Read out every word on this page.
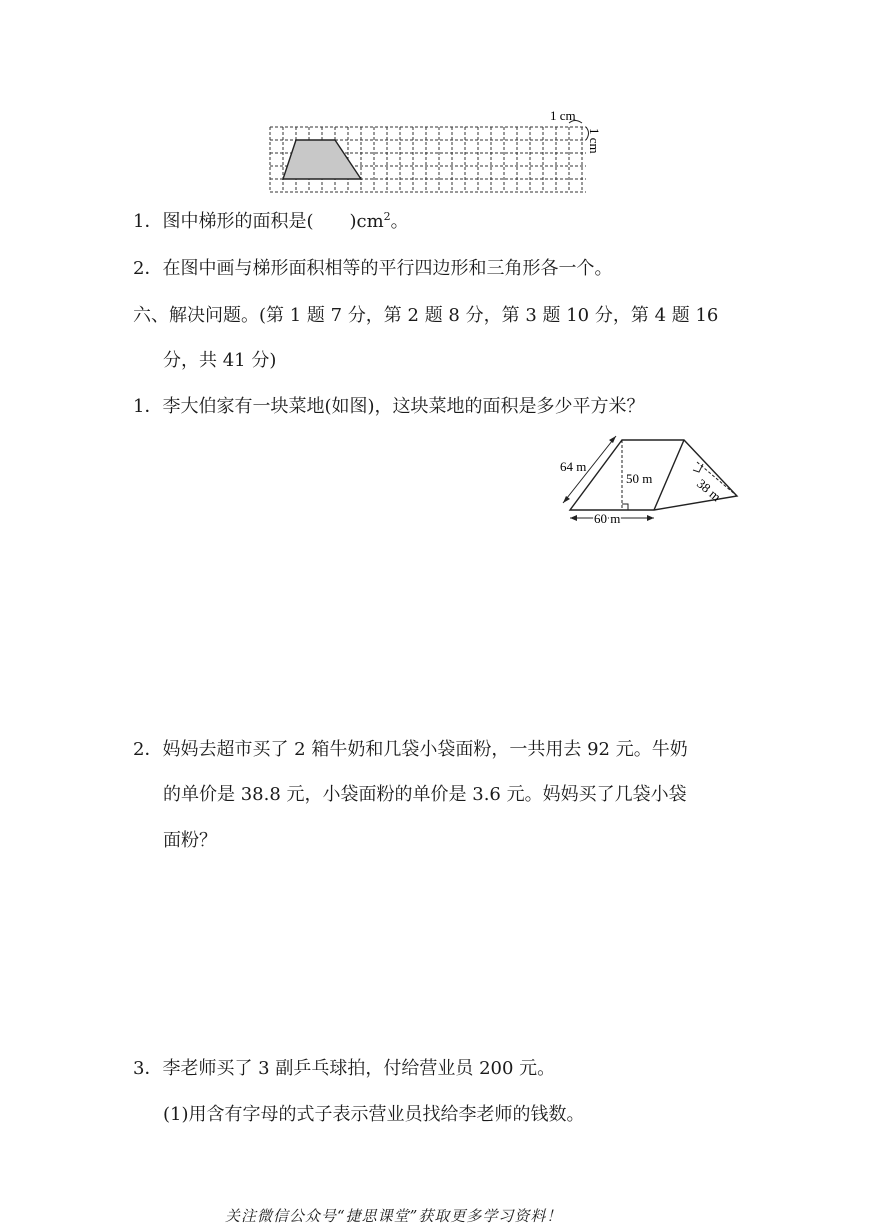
1 cm
1 cm
1．图中梯形的面积是(　　 )$cm^2$。
2．在图中画与梯形面积相等的平行四边形和三角形各一个。
六、解决问题。(第 1 题 7 分，第 2 题 8 分，第 3 题 10 分，第 4 题 16
分，共 41 分)
1．李大伯家有一块菜地(如图)，这块菜地的面积是多少平方米？
64 m
50 m
60 m
38 m
2．妈妈去超市买了 2 箱牛奶和几袋小袋面粉，一共用去 92 元。牛奶
的单价是 38.8 元，小袋面粉的单价是 3.6 元。妈妈买了几袋小袋
面粉？
3．李老师买了 3 副乒乓球拍，付给营业员 200 元。
(1)用含有字母的式子表示营业员找给李老师的钱数。
关注微信公众号“捷思课堂”获取更多学习资料！
